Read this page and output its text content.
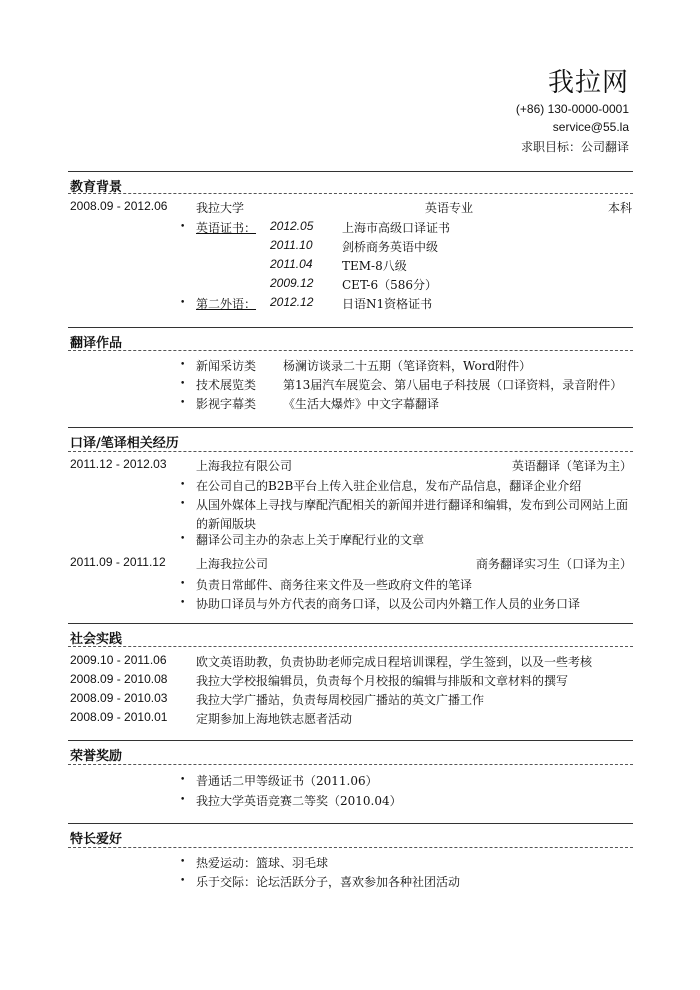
我拉网
(+86) 130-0000-0001
service@55.la
求职目标：公司翻译
教育背景
2008.09 - 2012.06 我拉大学	英语专业	本科
• 英语证书： 2012.05 上海市高级口译证书
2011.10 剑桥商务英语中级
2011.04 TEM-8八级
2009.12 CET-6（586分）
• 第二外语： 2012.12 日语N1资格证书
翻译作品
• 新闻采访类 杨澜访谈录二十五期（笔译资料，Word附件）
• 技术展览类 第13届汽车展览会、第八届电子科技展（口译资料，录音附件）
• 影视字幕类 《生活大爆炸》中文字幕翻译
口译/笔译相关经历
2011.12 - 2012.03 上海我拉有限公司	英语翻译（笔译为主）
• 在公司自己的B2B平台上传入驻企业信息，发布产品信息，翻译企业介绍
• 从国外媒体上寻找与摩配汽配相关的新闻并进行翻译和编辑，发布到公司网站上面
的新闻版块
• 翻译公司主办的杂志上关于摩配行业的文章
2011.09 - 2011.12	上海我拉公司	商务翻译实习生（口译为主）
• 负责日常邮件、商务往来文件及一些政府文件的笔译
• 协助口译员与外方代表的商务口译，以及公司内外籍工作人员的业务口译
社会实践
2009.10 - 2011.06 欧文英语助教，负责协助老师完成日程培训课程，学生签到，以及一些考核
2008.09 - 2010.08 我拉大学校报编辑员，负责每个月校报的编辑与排版和文章材料的撰写
2008.09 - 2010.03 我拉大学广播站，负责每周校园广播站的英文广播工作
2008.09 - 2010.01 定期参加上海地铁志愿者活动
荣誉奖励
• 普通话二甲等级证书（2011.06）
• 我拉大学英语竞赛二等奖（2010.04）
特长爱好
• 热爱运动：篮球、羽毛球
• 乐于交际：论坛活跃分子，喜欢参加各种社团活动
